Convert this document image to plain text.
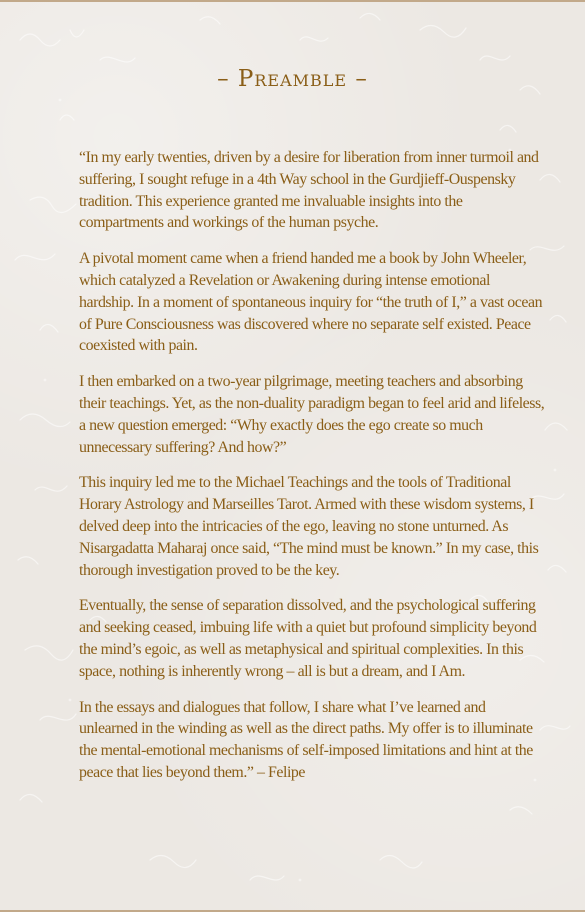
– Preamble –

“In my early twenties, driven by a desire for liberation from inner turmoil and suffering, I sought refuge in a 4th Way school in the Gurdjieff-Ouspensky tradition. This experience granted me invaluable insights into the compartments and workings of the human psyche.

A pivotal moment came when a friend handed me a book by John Wheeler, which catalyzed a Revelation or Awakening during intense emotional hardship. In a moment of spontaneous inquiry for “the truth of I,” a vast ocean of Pure Consciousness was discovered where no separate self existed. Peace coexisted with pain.

I then embarked on a two-year pilgrimage, meeting teachers and absorbing their teachings. Yet, as the non-duality paradigm began to feel arid and lifeless, a new question emerged: “Why exactly does the ego create so much unnecessary suffering? And how?”

This inquiry led me to the Michael Teachings and the tools of Traditional Horary Astrology and Marseilles Tarot. Armed with these wisdom systems, I delved deep into the intricacies of the ego, leaving no stone unturned. As Nisargadatta Maharaj once said, “The mind must be known.” In my case, this thorough investigation proved to be the key.

Eventually, the sense of separation dissolved, and the psychological suffering and seeking ceased, imbuing life with a quiet but profound simplicity beyond the mind’s egoic, as well as metaphysical and spiritual complexities. In this space, nothing is inherently wrong – all is but a dream, and I Am.

In the essays and dialogues that follow, I share what I’ve learned and unlearned in the winding as well as the direct paths. My offer is to illuminate the mental-emotional mechanisms of self-imposed limitations and hint at the peace that lies beyond them.” – Felipe
